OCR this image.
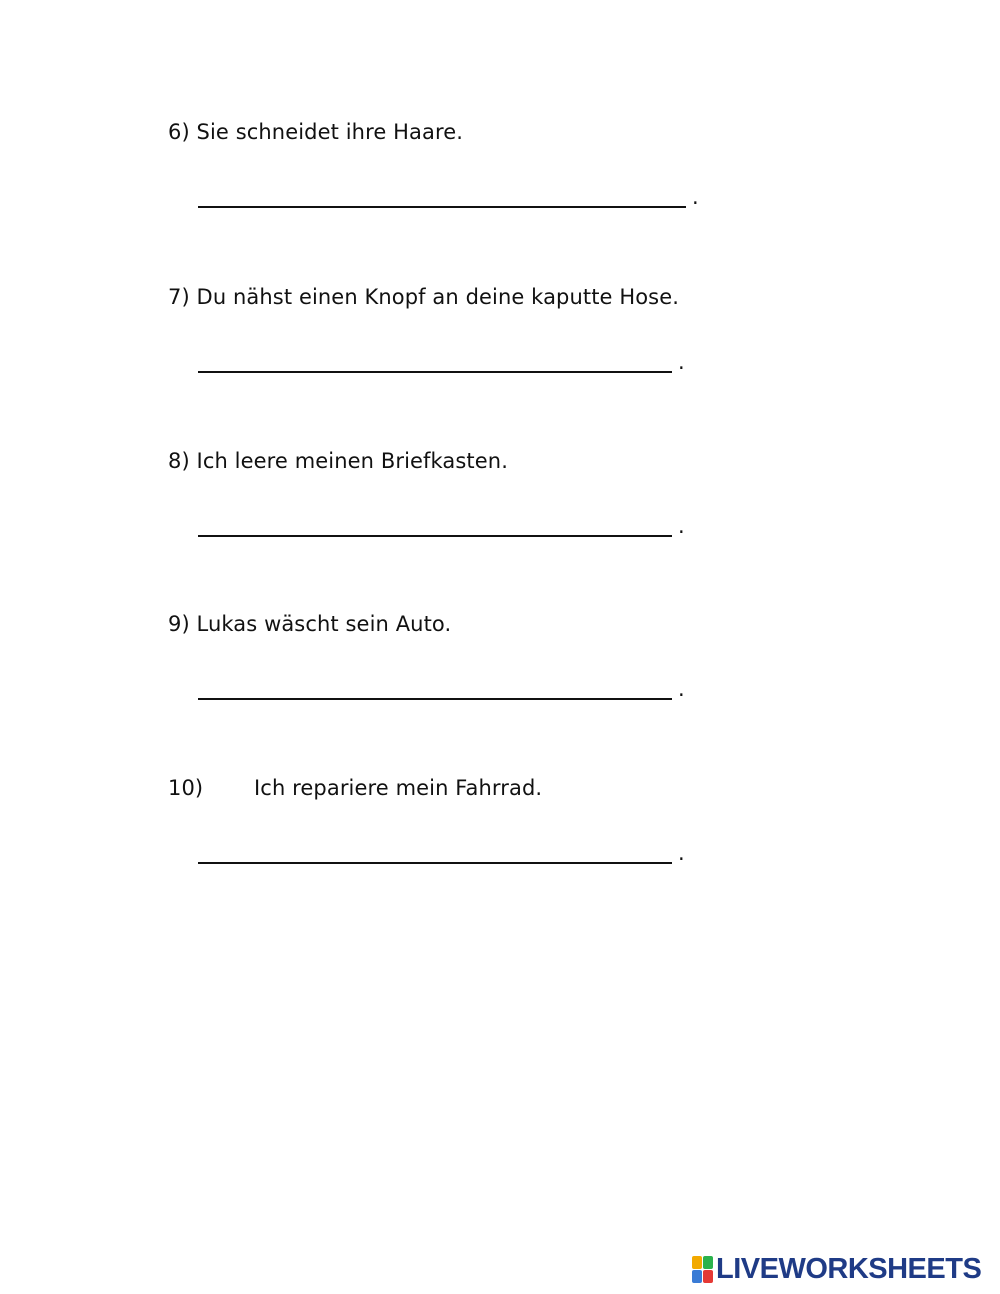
6) Sie schneidet ihre Haare.
.
7) Du nähst einen Knopf an deine kaputte Hose.
.
8) Ich leere meinen Briefkasten.
.
9) Lukas wäscht sein Auto.
.
10) Ich repariere mein Fahrrad.
.
LIVEWORKSHEETS
